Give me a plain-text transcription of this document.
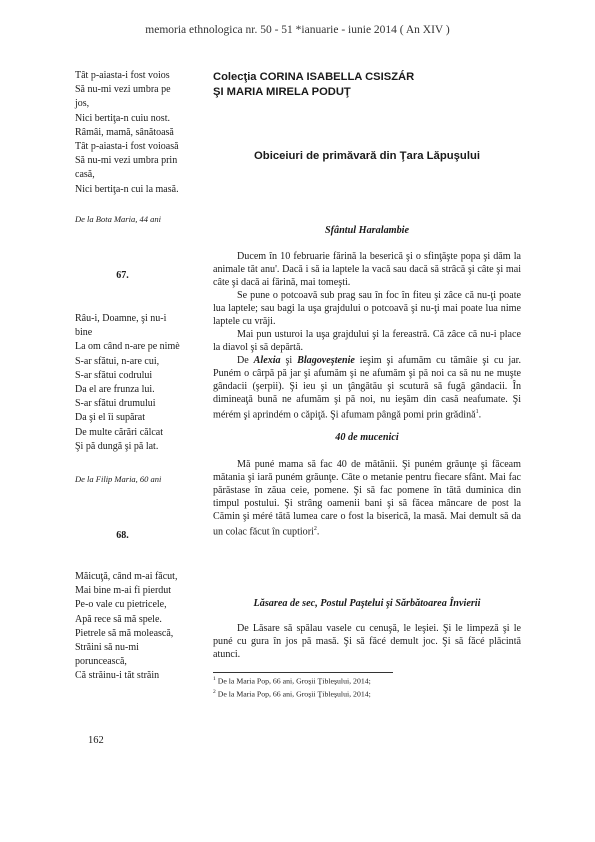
memoria ethnologica nr. 50 - 51 *ianuarie - iunie 2014 ( An XIV )
Tât p-aiasta-i fost voios
Să nu-mi vezi umbra pe
jos,
Nici bertiţa-n cuiu nost.
Râmâi, mamă, sânătoasă
Tât p-aiasta-i fost voioasă
Să nu-mi vezi umbra prin
casă,
Nici bertiţa-n cui la masă.
De la Bota Maria, 44 ani
67.
Râu-i, Doamne, şi nu-i
bine
La om când n-are pe nimè
S-ar sfătui, n-are cui,
S-ar sfătui codrului
Da el are frunza lui.
S-ar sfătui drumului
Da şi el îi supărat
De multe cărări călcat
Şi pă dungă şi pă lat.
De la Filip Maria, 60 ani
68.
Măicuţă, când m-ai făcut,
Mai bine m-ai fi pierdut
Pe-o vale cu pietricele,
Apă rece să mă spele.
Pietrele să mă molească,
Străini să nu-mi
poruncească,
Că străinu-i tăt străin
Colecţia CORINA ISABELLA CSISZÁR
ŞI MARIA MIRELA PODUŢ
Obiceiuri de primăvară din Ţara Lăpuşului
Sfântul Haralambie

Ducem în 10 februarie fărină la beserică şi o sfinţăşte popa şi dăm la animale tăt anu'. Dacă i să ia laptele la vacă sau dacă să strâcă şi câte şi mai câte şi dacă ai fărină, mai tomeşti.

Se pune o potcoavă sub prag sau în foc în fiteu şi zâce că nu-ţi poate lua laptele; sau bagi la uşa grajdului o potcoavă şi nu-ţi mai poate lua nime laptele cu vrăji.

Mai pun usturoi la uşa grajdului şi la fereastră. Că zâce că nu-i place la diavol şi să depărtă.

De Alexia şi Blagoveştenie ieşim şi afumăm cu tămâie şi cu jar. Puném o cârpă pă jar şi afumăm şi ne afumăm şi pă noi ca să nu ne muşte gândacii (şerpii). Şi ieu şi un ţângătău şi scutură să fugă gândacii. În dimineaţă bună ne afumăm şi pă noi, nu ieşăm din casă neafumate. Şi mérém şi aprindém o căpiţă. Şi afumam pângă pomi prin grădină$^1$.

40 de mucenici

Mă puné mama să fac 40 de mătănii. Şi puném grăunţe şi făceam mătania şi iară puném grăunţe. Câte o metanie pentru fiecare sfânt. Mai fac părăstase în zăua ceie, pomene. Şi să fac pomene în tătă duminica din timpul postului. Şi strâng oamenii bani şi să făcea mâncare de post la Cămin şi méré tătă lumea care o fost la biserică, la masă. Mai demult să da un colac făcut în cuptiori$^2$.

Lăsarea de sec, Postul Paştelui şi Sărbătoarea Învierii

De Lăsare să spălau vasele cu cenuşă, le leşiei. Şi le limpeză şi le puné cu gura în jos pă masă. Şi să făcé demult joc. Şi să făcé plăcintă atunci.

$^1$ De la Maria Pop, 66 ani, Groşii Ţibleşului, 2014;
$^2$ De la Maria Pop, 66 ani, Groşii Ţibleşului, 2014;
162
